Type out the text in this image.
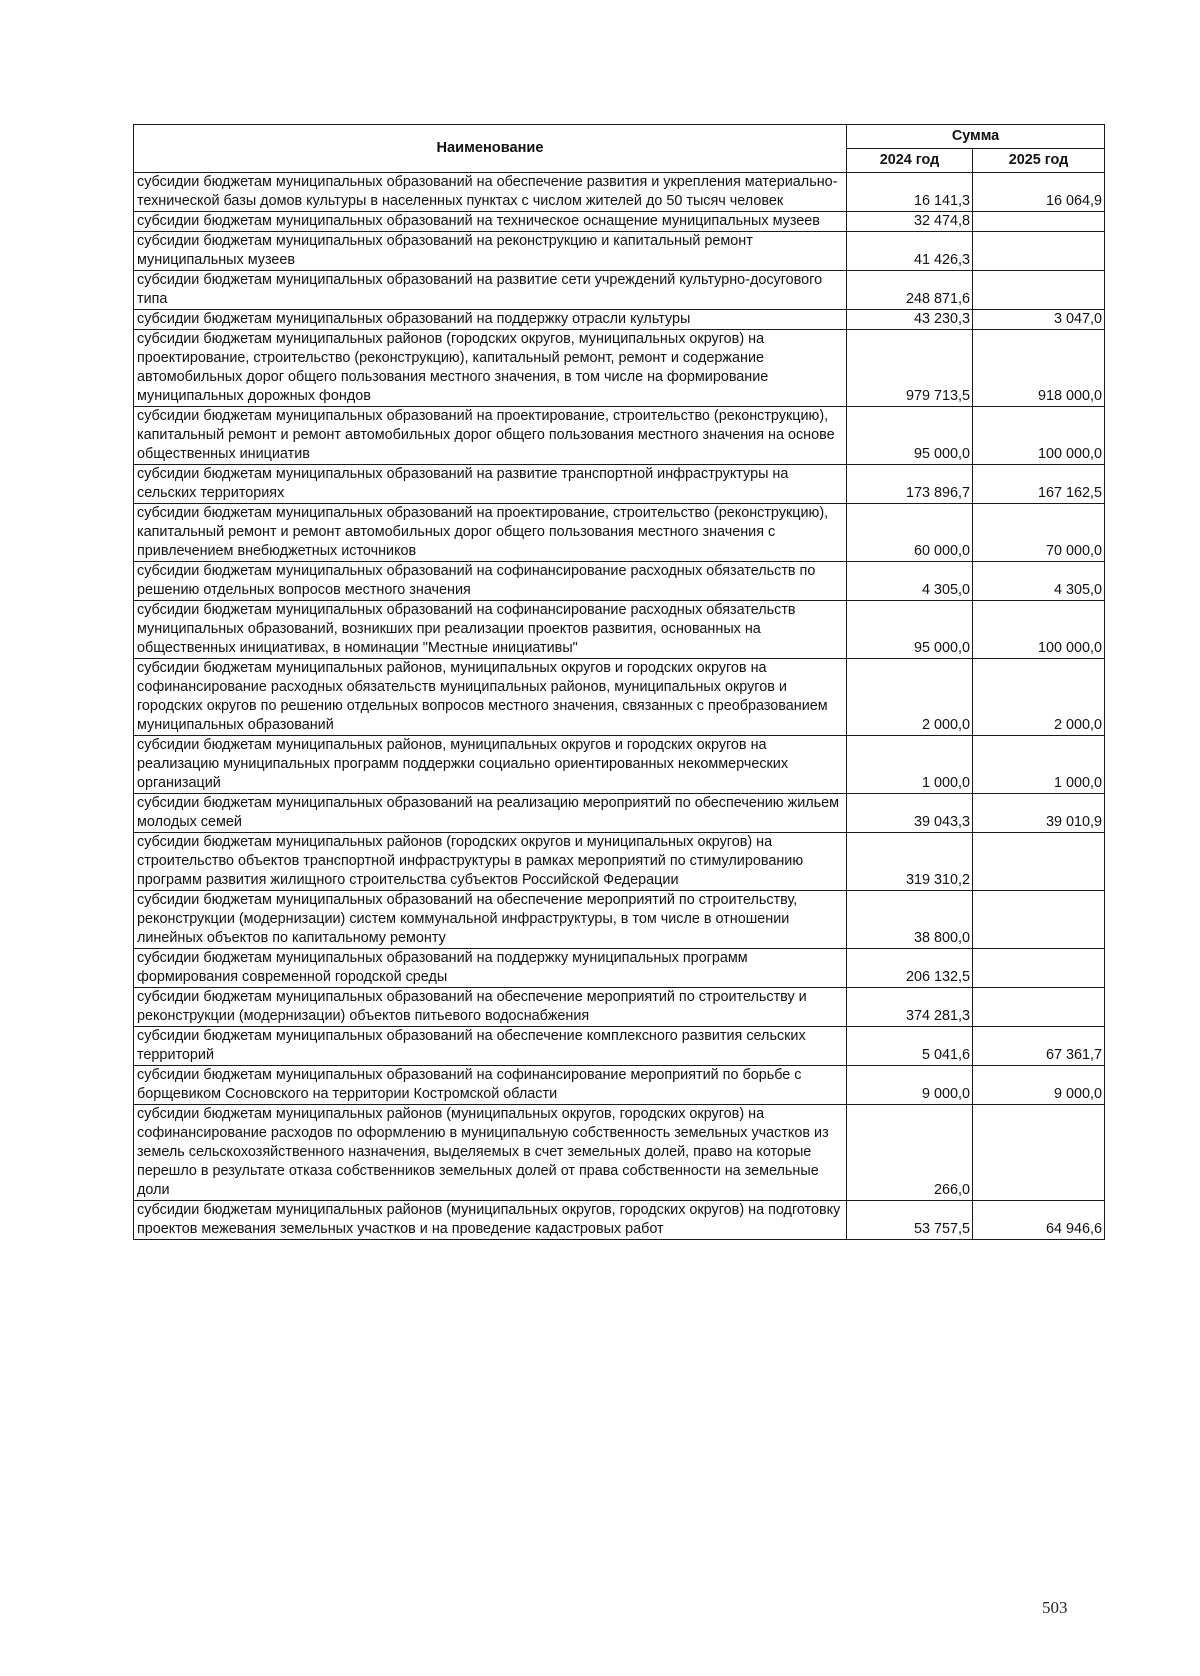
Наименование	Сумма	
	2024 год	2025 год
субсидии бюджетам муниципальных образований на обеспечение развития и укрепления материально-технической базы домов культуры в населенных пунктах с числом жителей до 50 тысяч человек	16 141,3	16 064,9
субсидии бюджетам муниципальных образований на техническое оснащение муниципальных музеев	32 474,8	
субсидии бюджетам муниципальных образований на реконструкцию и капитальный ремонт муниципальных музеев	41 426,3	
субсидии бюджетам муниципальных образований на развитие сети учреждений культурно-досугового типа	248 871,6	
субсидии бюджетам муниципальных образований на поддержку отрасли культуры	43 230,3	3 047,0
субсидии бюджетам муниципальных районов (городских округов, муниципальных округов) на проектирование, строительство (реконструкцию), капитальный ремонт, ремонт и содержание автомобильных дорог общего пользования местного значения, в том числе на формирование муниципальных дорожных фондов	979 713,5	918 000,0
субсидии бюджетам муниципальных образований на проектирование, строительство (реконструкцию), капитальный ремонт и ремонт автомобильных дорог общего пользования местного значения на основе общественных инициатив	95 000,0	100 000,0
субсидии бюджетам муниципальных образований на развитие транспортной инфраструктуры на сельских территориях	173 896,7	167 162,5
субсидии бюджетам муниципальных образований на проектирование, строительство (реконструкцию), капитальный ремонт и ремонт автомобильных дорог общего пользования местного значения с привлечением внебюджетных источников	60 000,0	70 000,0
субсидии бюджетам муниципальных образований на софинансирование расходных обязательств по решению отдельных вопросов местного значения	4 305,0	4 305,0
субсидии бюджетам муниципальных образований на софинансирование расходных обязательств муниципальных образований, возникших при реализации проектов развития, основанных на общественных инициативах, в номинации "Местные инициативы"	95 000,0	100 000,0
субсидии бюджетам муниципальных районов, муниципальных округов и городских округов на софинансирование расходных обязательств муниципальных районов, муниципальных округов и городских округов по решению отдельных вопросов местного значения, связанных с преобразованием муниципальных образований	2 000,0	2 000,0
субсидии бюджетам муниципальных районов, муниципальных округов и городских округов на реализацию муниципальных программ поддержки социально ориентированных некоммерческих организаций	1 000,0	1 000,0
субсидии бюджетам муниципальных образований на реализацию мероприятий по обеспечению жильем молодых семей	39 043,3	39 010,9
субсидии бюджетам муниципальных районов (городских округов и муниципальных округов) на строительство объектов транспортной инфраструктуры в рамках мероприятий по стимулированию программ развития жилищного строительства субъектов Российской Федерации	319 310,2	
субсидии бюджетам муниципальных образований на обеспечение мероприятий по строительству, реконструкции (модернизации) систем коммунальной инфраструктуры, в том числе в отношении линейных объектов по капитальному ремонту	38 800,0	
субсидии бюджетам муниципальных образований на поддержку муниципальных программ формирования современной городской среды	206 132,5	
субсидии бюджетам муниципальных образований на обеспечение мероприятий по строительству и реконструкции (модернизации) объектов питьевого водоснабжения	374 281,3	
субсидии бюджетам муниципальных образований на обеспечение комплексного развития сельских территорий	5 041,6	67 361,7
субсидии бюджетам муниципальных образований на софинансирование мероприятий по борьбе с борщевиком Сосновского на территории Костромской области	9 000,0	9 000,0
субсидии бюджетам муниципальных районов (муниципальных округов, городских округов) на софинансирование расходов по оформлению в муниципальную собственность земельных участков из земель сельскохозяйственного назначения, выделяемых в счет земельных долей, право на которые перешло в результате отказа собственников земельных долей от права собственности на земельные доли	266,0	
субсидии бюджетам муниципальных районов (муниципальных округов, городских округов) на подготовку проектов межевания земельных участков и на проведение кадастровых работ	53 757,5	64 946,6
503
